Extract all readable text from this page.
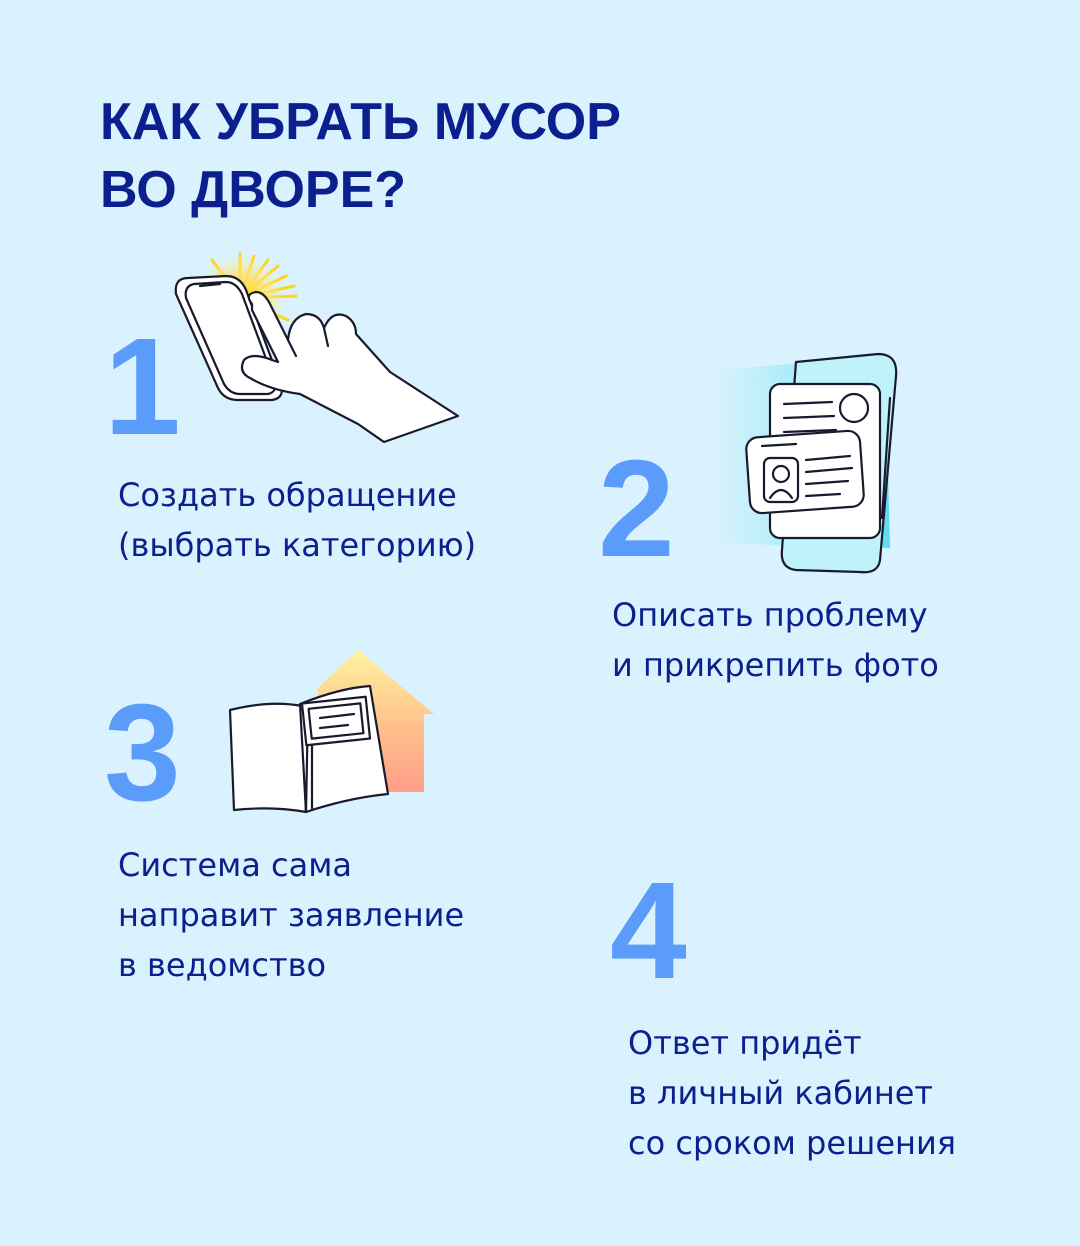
КАК УБРАТЬ МУСОР
ВО ДВОРЕ?
1

Создать обращение
(выбрать категорию) 2

Описать проблему
и прикрепить фото

3

Система сама
направит заявление
в ведомство	4

Ответ придёт
в личный кабинет
со сроком решения
